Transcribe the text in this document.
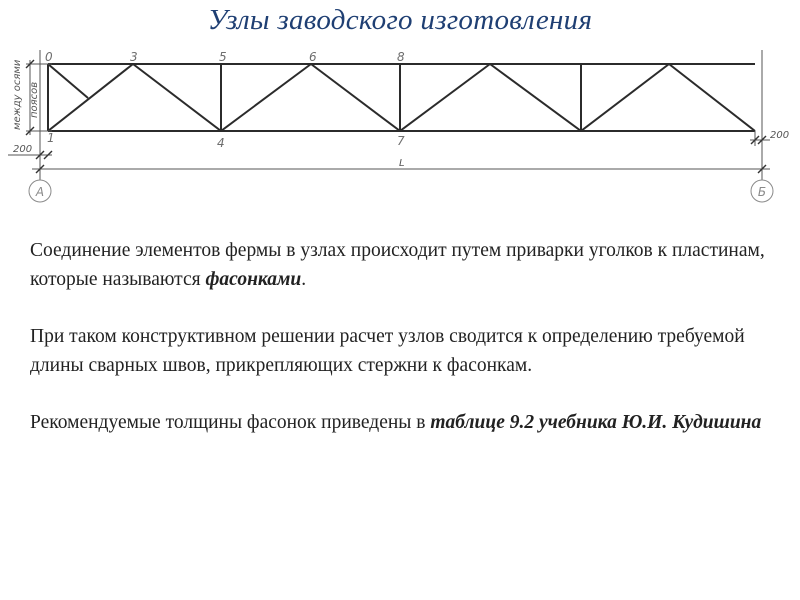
Узлы заводского изготовления
0
1
3
4
5	6
7
8
между осями поясов
200
200
L
А	Б

Соединение элементов фермы в узлах происходит путем приварки уголков к пластинам, которые называются фасонками.

При таком конструктивном решении расчет узлов сводится к определению требуемой длины сварных швов, прикрепляющих стержни к фасонкам.

Рекомендуемые толщины фасонок приведены в таблице 9.2 учебника Ю.И. Кудишина
